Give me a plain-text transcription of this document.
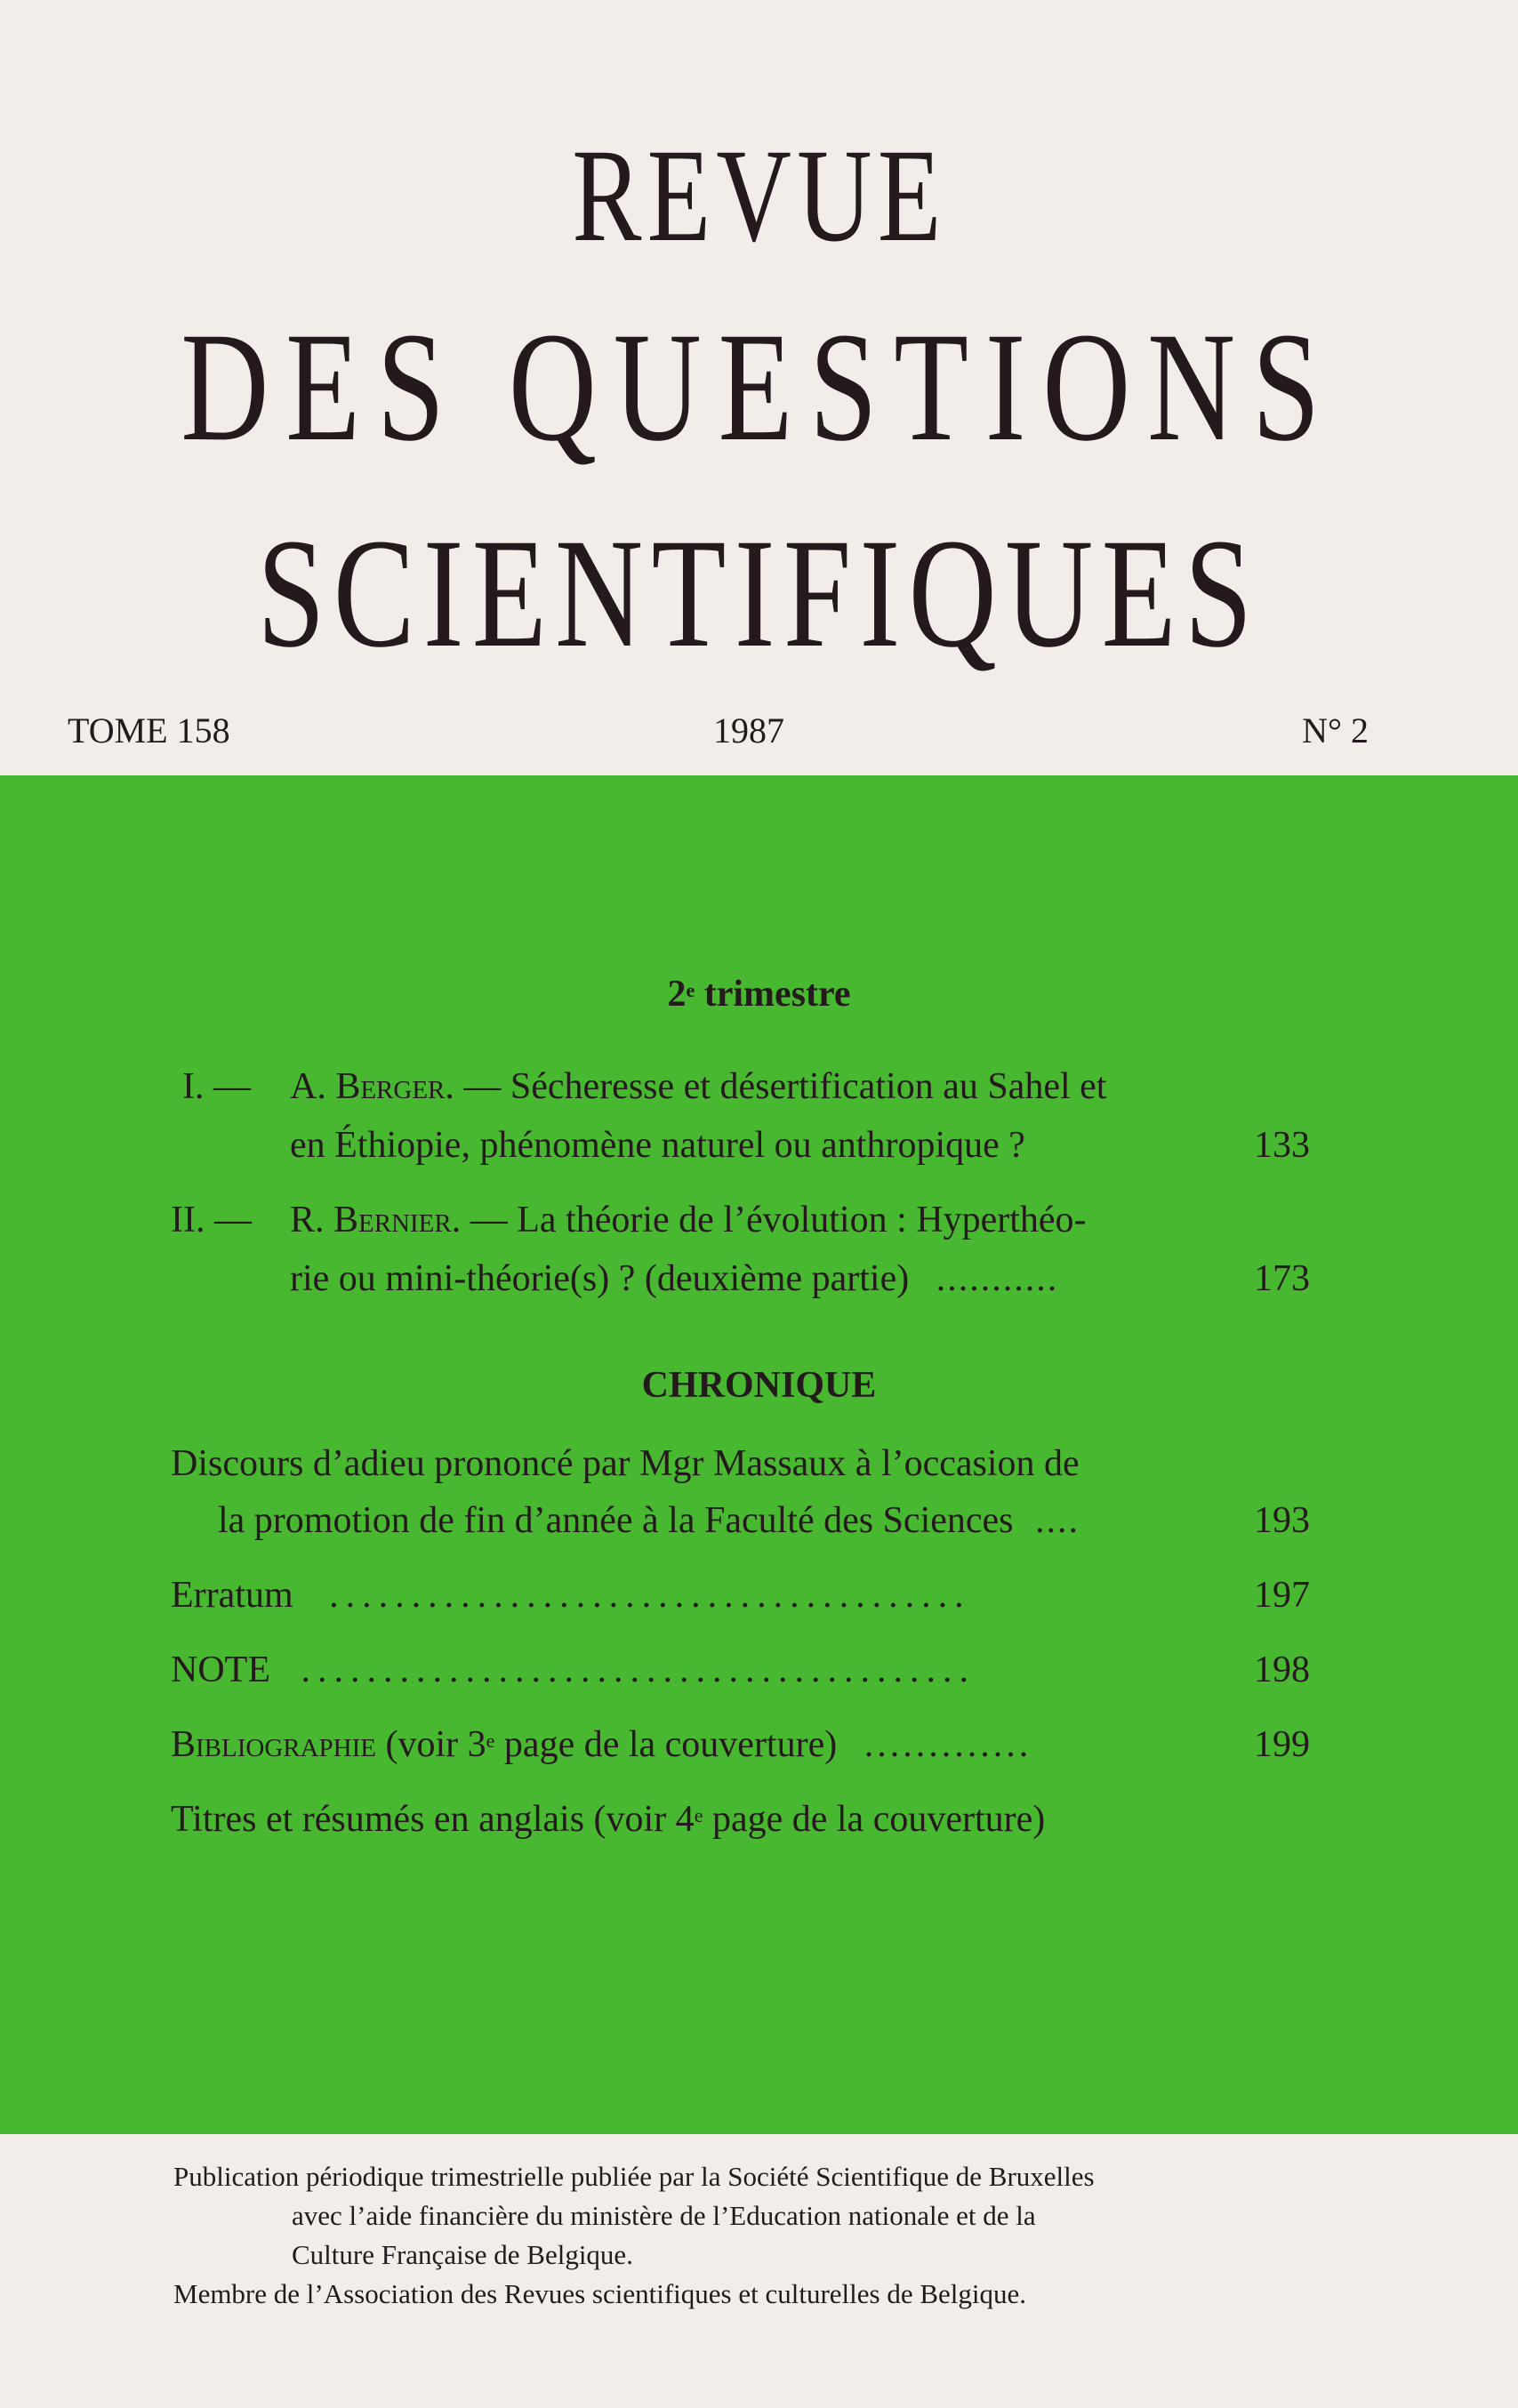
REVUE
DES QUESTIONS
SCIENTIFIQUES
TOME 158	1987	N° 2
2e trimestre
I. — A. Berger. — Sécheresse et désertification au Sahel et
en Éthiopie, phénomène naturel ou anthropique ?	133
II. — R. Bernier. — La théorie de l’évolution : Hyperthéo-
rie ou mini-théorie(s) ? (deuxième partie) ...........	173
CHRONIQUE
Discours d’adieu prononcé par Mgr Massaux à l’occasion de
la promotion de fin d’année à la Faculté des Sciences ....	193
Erratum .......................................	197
NOTE .........................................	198
Bibliographie (voir 3e page de la couverture) .............	199
Titres et résumés en anglais (voir 4e page de la couverture)
Publication périodique trimestrielle publiée par la Société Scientifique de Bruxelles
avec l’aide financière du ministère de l’Education nationale et de la
Culture Française de Belgique.
Membre de l’Association des Revues scientifiques et culturelles de Belgique.
